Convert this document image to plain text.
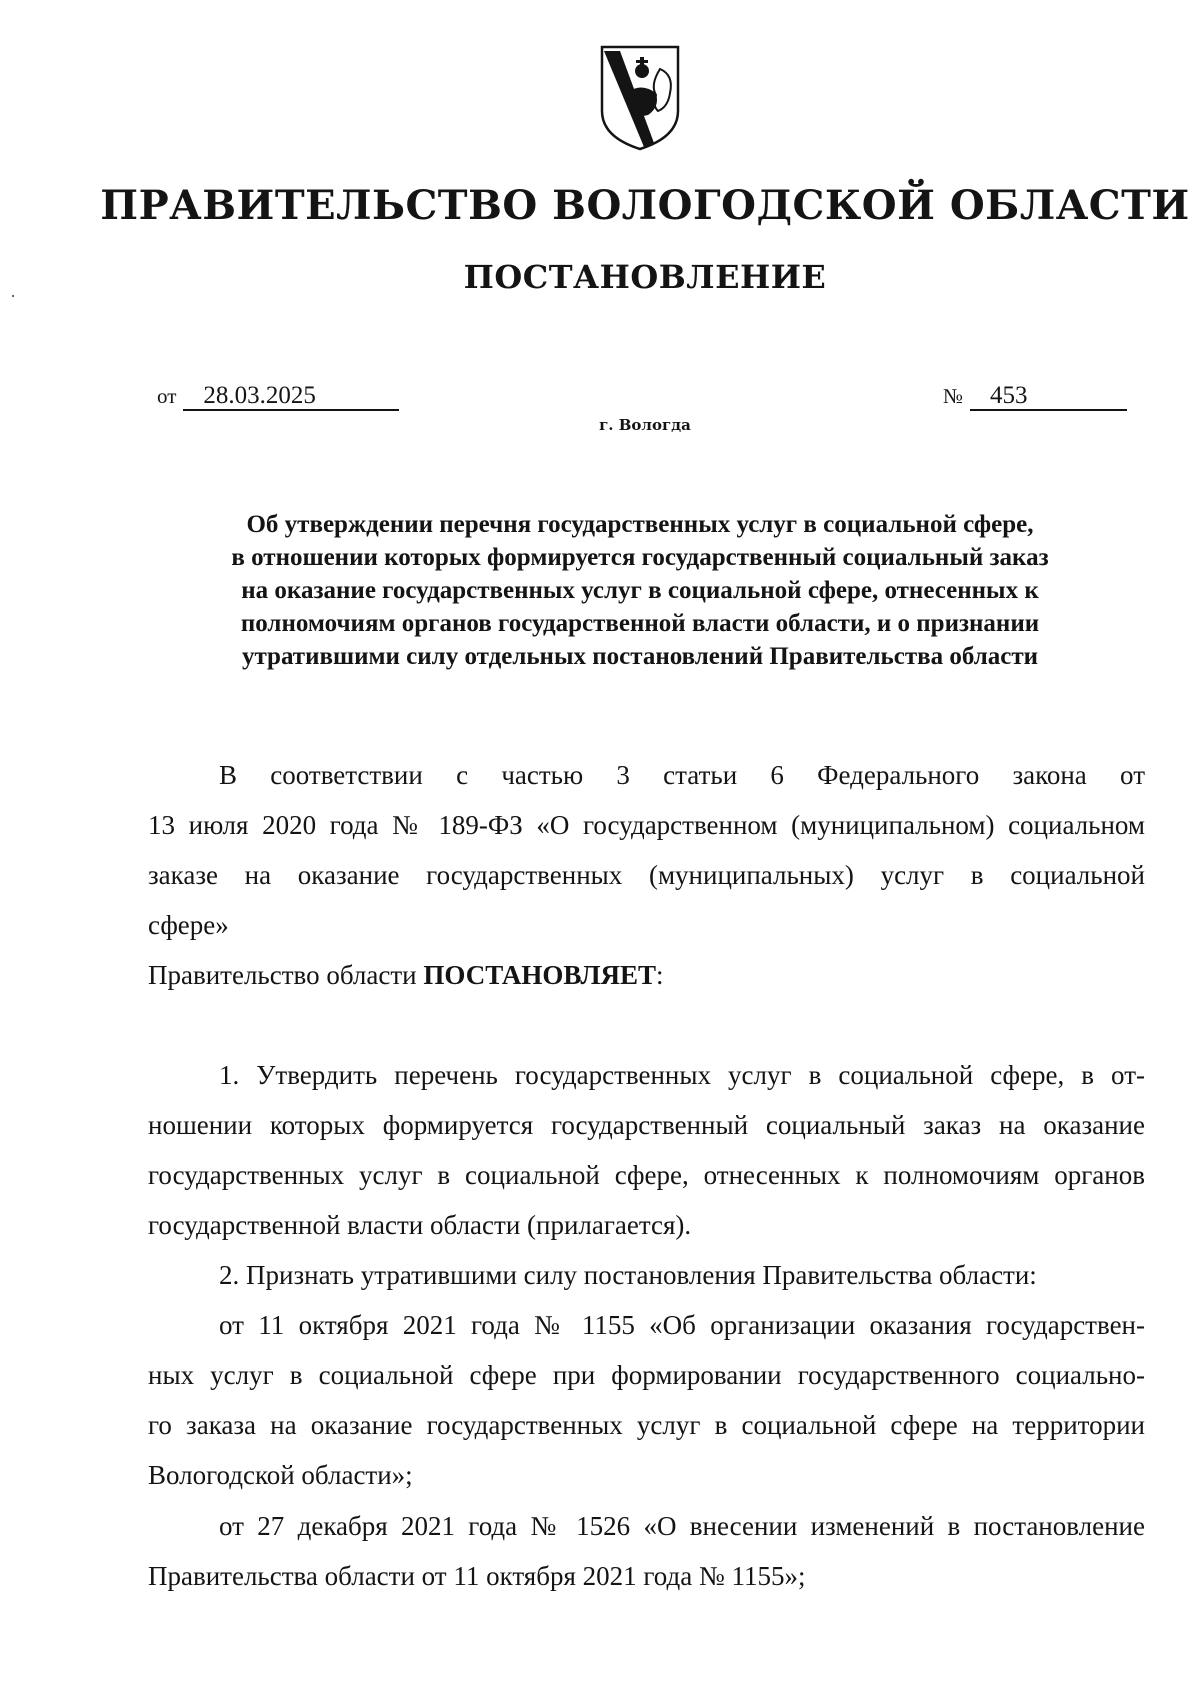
ПРАВИТЕЛЬСТВО ВОЛОГОДСКОЙ ОБЛАСТИ
ПОСТАНОВЛЕНИЕ
от 28.03.2025	№ 453
г. Вологда
Об утверждении перечня государственных услуг в социальной сфере,
в отношении которых формируется государственный социальный заказ
на оказание государственных услуг в социальной сфере, отнесенных к
полномочиям органов государственной власти области, и о признании
утратившими силу отдельных постановлений Правительства области
В соответствии с частью 3 статьи 6 Федерального закона от
13 июля 2020 года № 189-ФЗ «О государственном (муниципальном) социальном
заказе на оказание государственных (муниципальных) услуг в социальной
сфере»
Правительство области ПОСТАНОВЛЯЕТ:
1. Утвердить перечень государственных услуг в социальной сфере, в от-
ношении которых формируется государственный социальный заказ на оказание
государственных услуг в социальной сфере, отнесенных к полномочиям органов
государственной власти области (прилагается).
2. Признать утратившими силу постановления Правительства области:
от 11 октября 2021 года № 1155 «Об организации оказания государствен-
ных услуг в социальной сфере при формировании государственного социально-
го заказа на оказание государственных услуг в социальной сфере на территории
Вологодской области»;
от 27 декабря 2021 года № 1526 «О внесении изменений в постановление
Правительства области от 11 октября 2021 года № 1155»;
